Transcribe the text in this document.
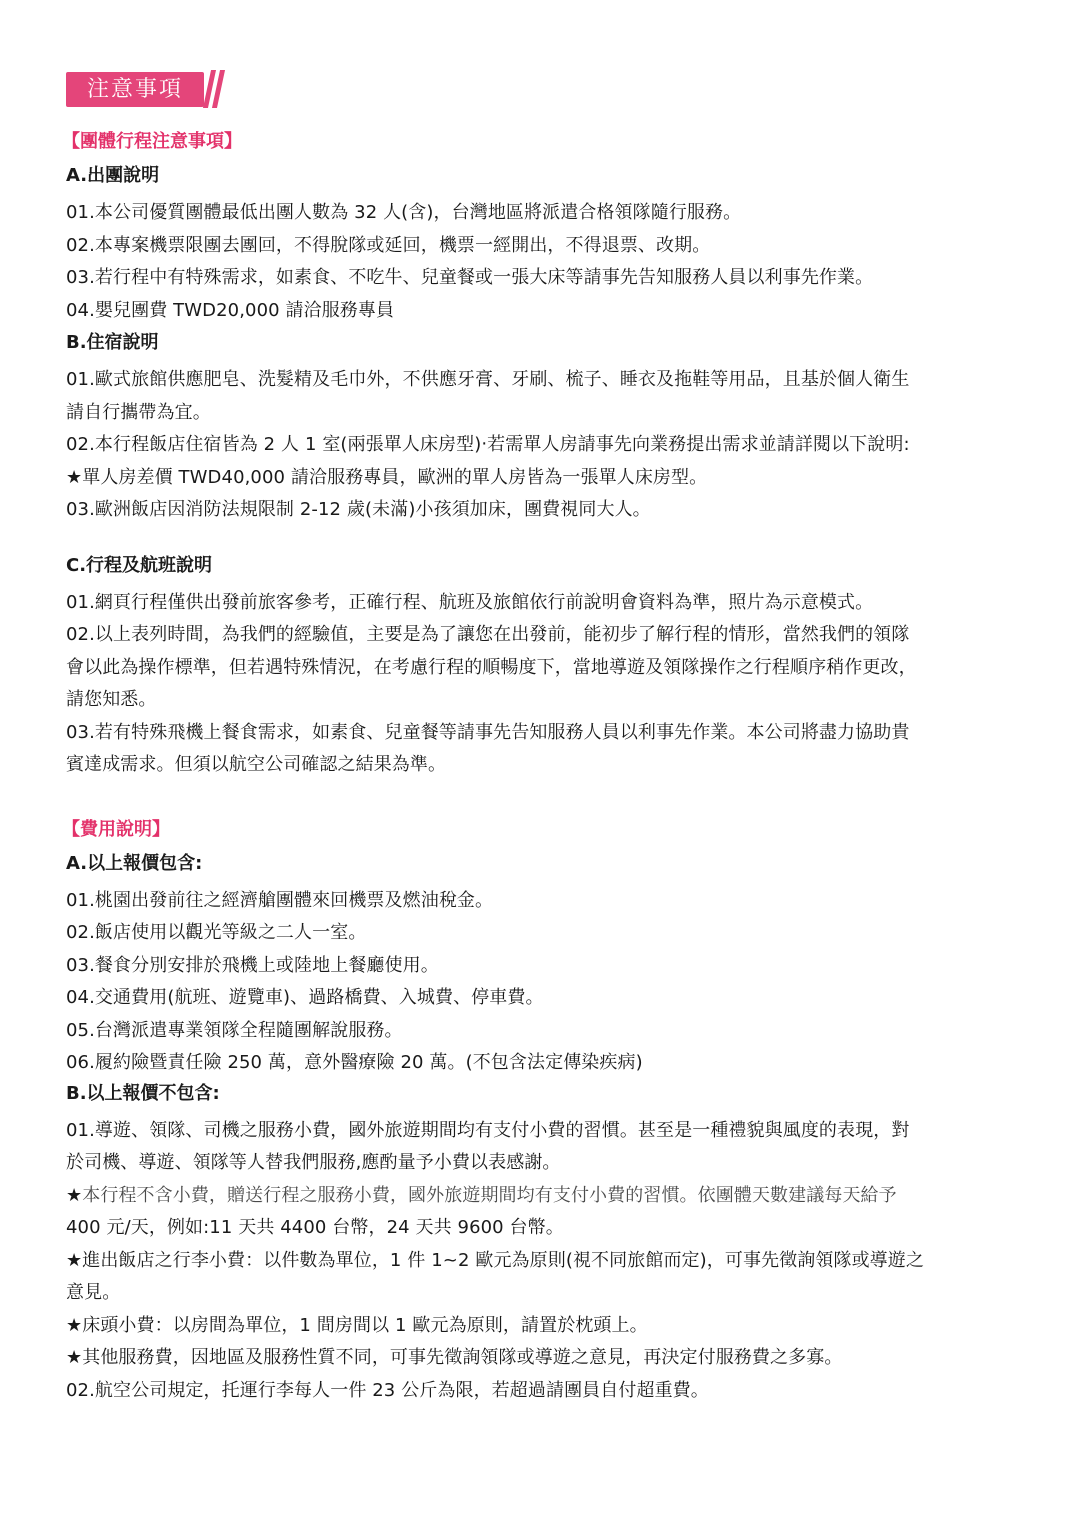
注意事項
【團體行程注意事項】
A.出團說明
01.本公司優質團體最低出團人數為 32 人(含)，台灣地區將派遣合格領隊隨行服務。
02.本專案機票限團去團回，不得脫隊或延回，機票一經開出，不得退票、改期。
03.若行程中有特殊需求，如素食、不吃牛、兒童餐或一張大床等請事先告知服務人員以利事先作業。
04.嬰兒團費 TWD20,000 請洽服務專員
B.住宿說明
01.歐式旅館供應肥皂、洗髮精及毛巾外，不供應牙膏、牙刷、梳子、睡衣及拖鞋等用品，且基於個人衛生
請自行攜帶為宜。
02.本行程飯店住宿皆為 2 人 1 室(兩張單人床房型)‧若需單人房請事先向業務提出需求並請詳閱以下說明:
★單人房差價 TWD40,000 請洽服務專員，歐洲的單人房皆為一張單人床房型。
03.歐洲飯店因消防法規限制 2-12 歲(未滿)小孩須加床，團費視同大人。
C.行程及航班說明
01.網頁行程僅供出發前旅客參考，正確行程、航班及旅館依行前說明會資料為準，照片為示意模式。
02.以上表列時間，為我們的經驗值，主要是為了讓您在出發前，能初步了解行程的情形，當然我們的領隊
會以此為操作標準，但若遇特殊情況，在考慮行程的順暢度下，當地導遊及領隊操作之行程順序稍作更改，
請您知悉。
03.若有特殊飛機上餐食需求，如素食、兒童餐等請事先告知服務人員以利事先作業。本公司將盡力協助貴
賓達成需求。但須以航空公司確認之結果為準。
【費用說明】
A.以上報價包含:
01.桃園出發前往之經濟艙團體來回機票及燃油稅金。
02.飯店使用以觀光等級之二人一室。
03.餐食分別安排於飛機上或陸地上餐廳使用。
04.交通費用(航班、遊覽車)、過路橋費、入城費、停車費。
05.台灣派遣專業領隊全程隨團解說服務。
06.履約險暨責任險 250 萬，意外醫療險 20 萬。(不包含法定傳染疾病)
B.以上報價不包含:
01.導遊、領隊、司機之服務小費，國外旅遊期間均有支付小費的習慣。甚至是一種禮貌與風度的表現，對
於司機、導遊、領隊等人替我們服務,應酌量予小費以表感謝。
★本行程不含小費，贈送行程之服務小費，國外旅遊期間均有支付小費的習慣。依團體天數建議每天給予
400 元/天，例如:11 天共 4400 台幣，24 天共 9600 台幣。
★進出飯店之行李小費：以件數為單位，1 件 1~2 歐元為原則(視不同旅館而定)，可事先徵詢領隊或導遊之
意見。
★床頭小費：以房間為單位，1 間房間以 1 歐元為原則，請置於枕頭上。
★其他服務費，因地區及服務性質不同，可事先徵詢領隊或導遊之意見，再決定付服務費之多寡。
02.航空公司規定，托運行李每人一件 23 公斤為限，若超過請團員自付超重費。
